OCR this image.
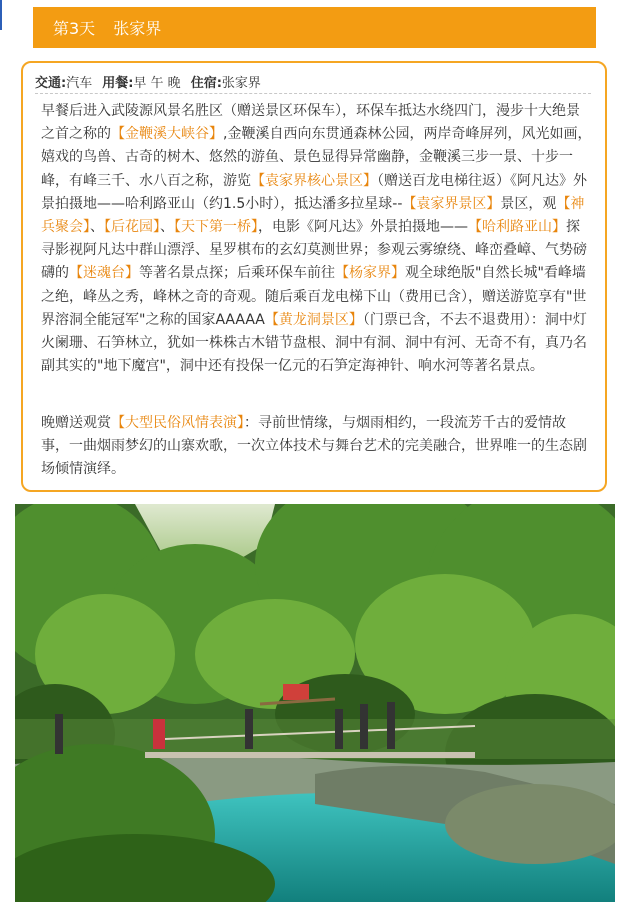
第3天 张家界
交通: 汽车 用餐: 早 午 晚 住宿: 张家界
早餐后进入武陵源风景名胜区（赠送景区环保车），环保车抵达水绕四门，漫步十大绝景之首之称的【金鞭溪大峡谷】,金鞭溪自西向东贯通森林公园，两岸奇峰屏列，风光如画，嬉戏的鸟兽、古奇的树木、悠然的游鱼、景色显得异常幽静，金鞭溪三步一景、十步一峰，有峰三千、水八百之称，游览【袁家界核心景区】（赠送百龙电梯往返）《阿凡达》外景拍摄地——哈利路亚山（约1.5小时），抵达潘多拉星球--【袁家界景区】景区，观【神兵聚会】、【后花园】、【天下第一桥】，电影《阿凡达》外景拍摄地——【哈利路亚山】探寻影视阿凡达中群山漂浮、星罗棋布的玄幻莫测世界；参观云雾缭绕、峰峦叠嶂、气势磅礴的【迷魂台】等著名景点探；后乘环保车前往【杨家界】观全球绝版"自然长城"看峰墙之绝，峰丛之秀，峰林之奇的奇观。随后乘百龙电梯下山（费用已含），赠送游览享有"世界溶洞全能冠军"之称的国家AAAAA【黄龙洞景区】（门票已含，不去不退费用）：洞中灯火阑珊、石笋林立，犹如一株株古木错节盘根、洞中有洞、洞中有河、无奇不有，真乃名副其实的"地下魔宫"，洞中还有投保一亿元的石笋定海神针、响水河等著名景点。
晚赠送观赏【大型民俗风情表演】：寻前世情缘，与烟雨相约，一段流芳千古的爱情故事，一曲烟雨梦幻的山寨欢歌，一次立体技术与舞台艺术的完美融合，世界唯一的生态剧场倾情演绎。
